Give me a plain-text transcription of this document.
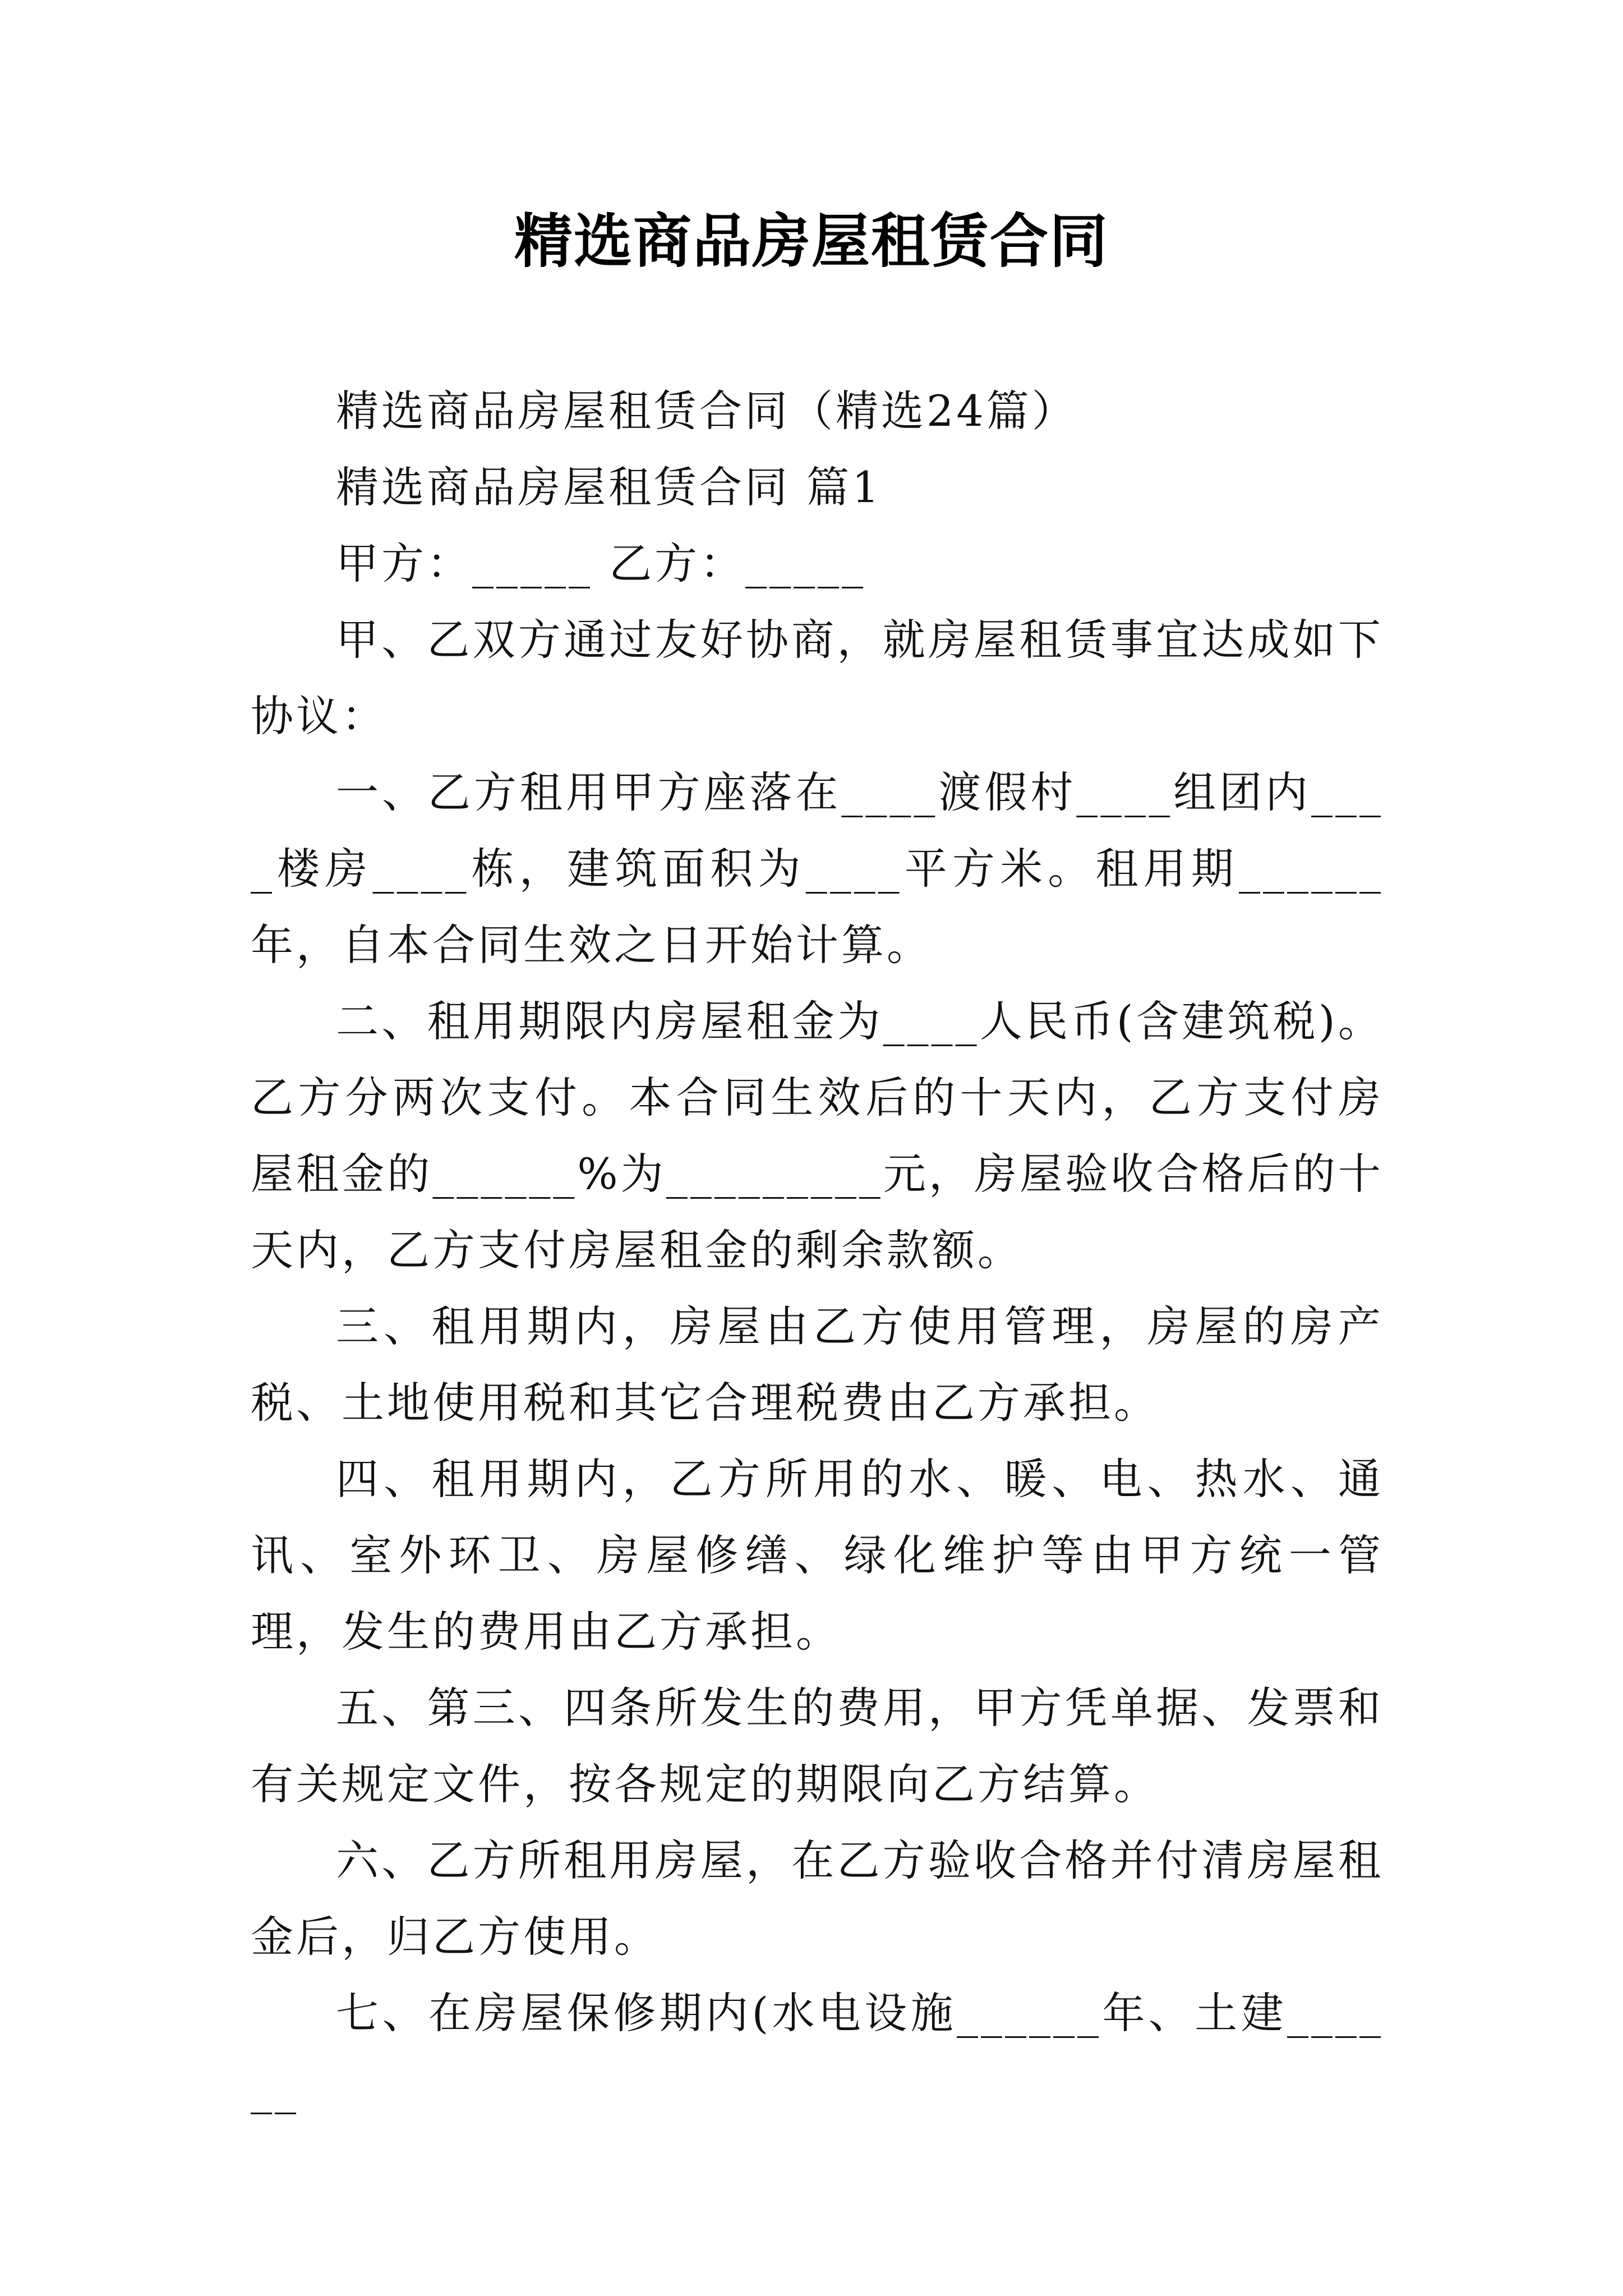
精选商品房屋租赁合同

精选商品房屋租赁合同（精选24篇）

精选商品房屋租赁合同 篇1

甲方：_____ 乙方：_____

甲、乙双方通过友好协商，就房屋租赁事宜达成如下协议：

一、乙方租用甲方座落在____渡假村____组团内____楼房____栋，建筑面积为____平方米。租用期______年，自本合同生效之日开始计算。

二、租用期限内房屋租金为____人民币(含建筑税)。乙方分两次支付。本合同生效后的十天内，乙方支付房屋租金的______%为_________元，房屋验收合格后的十天内，乙方支付房屋租金的剩余款额。

三、租用期内，房屋由乙方使用管理，房屋的房产税、土地使用税和其它合理税费由乙方承担。

四、租用期内，乙方所用的水、暖、电、热水、通讯、室外环卫、房屋修缮、绿化维护等由甲方统一管理，发生的费用由乙方承担。

五、第三、四条所发生的费用，甲方凭单据、发票和有关规定文件，按各规定的期限向乙方结算。

六、乙方所租用房屋，在乙方验收合格并付清房屋租金后，归乙方使用。

七、在房屋保修期内(水电设施______年、土建______
